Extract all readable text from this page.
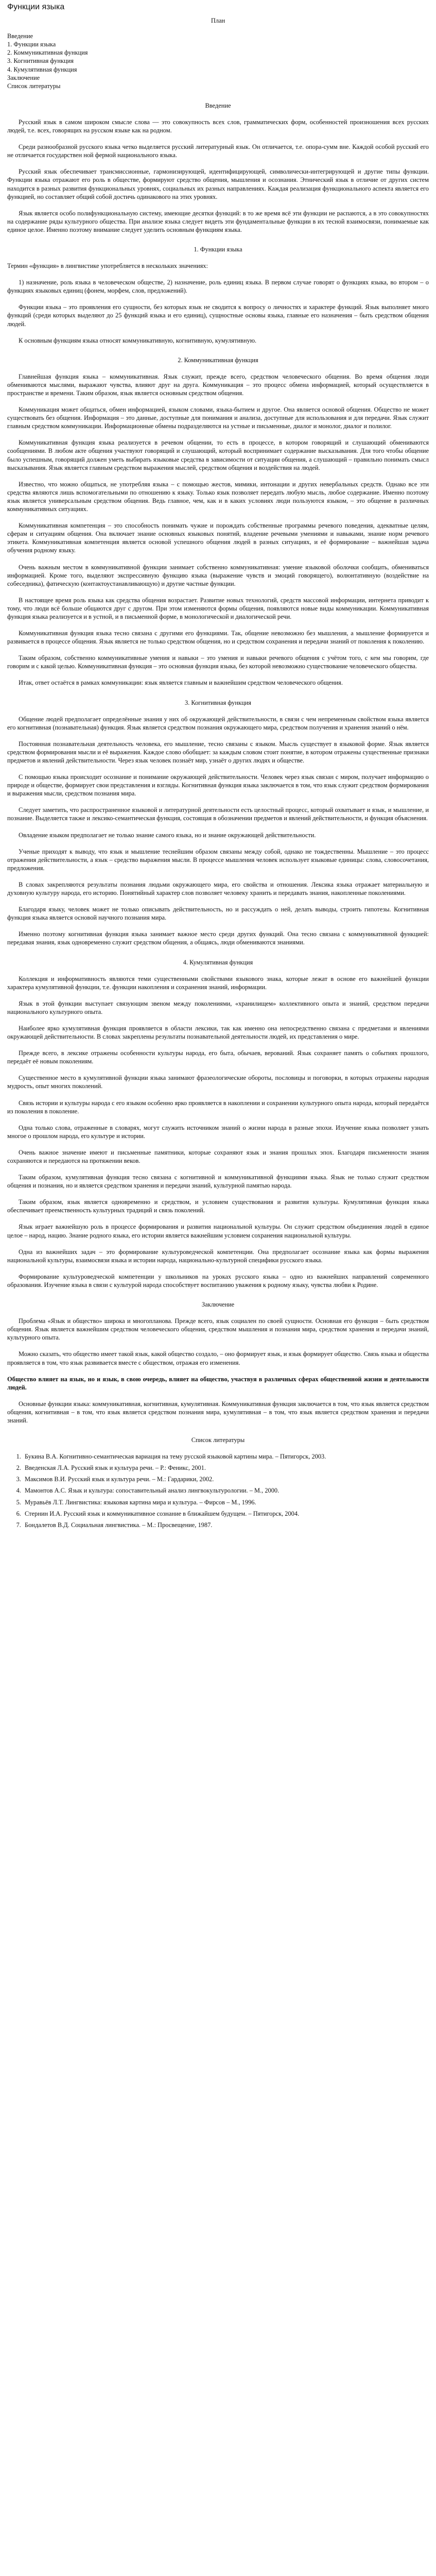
Функции языка
План
Введение
1. Функции языка
2. Коммуникативная функция
3. Когнитивная функция
4. Кумулятивная функция
Заключение
Список литературы
Введение

Русский язык в самом широком смысле слова — это совокупность всех слов, грамматических форм, особенностей произношения всех русских людей, т.е. всех, говорящих на русском языке как на родном.

Среди разнообразной русского языка четко выделяется русский литературный язык. Он отличается, т.е. опора-сумм вне. Каждой особой русский его не отличается государствен ной фермой национального языка.

Русский язык обеспечивает трансмиссионные, гармонизирующей, идентифицирующей, символически-интегрирующей и другие типы функции. Функции языка отражают его роль в обществе, формируют средство общения, мышления и осознания. Этнический язык в отличие от других систем находится в разных развития функциональных уровнях, социальных их разных направлениях. Каждая реализация функционального аспекта является его функцией, но составляет общий собой достичь одинакового на этих уровнях.

Язык является особо полифункциональную систему, имеющие десятки функций: в то же время всё эти функции не распаются, а в это совокупностях на содержание ряды культурного общества. При анализе языка следует видеть эти фундаментальные функции в их тесной взаимосвязи, понимаемые как единое целое. Именно поэтому внимание следует уделить основным функциям языка.

1. Функции языка

Термин «функция» в лингвистике употребляется в нескольких значениях:

1) назначение, роль языка в человеческом обществе, 2) назначение, роль единиц языка. В первом случае говорят о функциях языка, во втором – о функциях языковых единиц (фонем, морфем, слов, предложений).

Функции языка – это проявления его сущности, без которых язык не сводится к вопросу о личностях и характере функций. Язык выполняет много функций (среди которых выделяют до 25 функций языка и его единиц), сущностные основы языка, главные его назначения – быть средством общения людей.

К основным функциям языка относят коммуникативную, когнитивную, кумулятивную.

2. Коммуникативная функция

Главнейшая функция языка – коммуникативная. Язык служит, прежде всего, средством человеческого общения. Во время общения люди обмениваются мыслями, выражают чувства, влияют друг на друга. Коммуникация – это процесс обмена информацией, который осуществляется в пространстве и времени. Таким образом, язык является основным средством общения.

Коммуникация может общаться, обмен информацией, языком словами, языка-бытием и другое. Она является основой общения. Общество не может существовать без общения. Информация – это данные, доступные для понимания и анализа, доступные для использования и для передачи. Язык служит главным средством коммуникации. Информационные обмены подразделяются на устные и письменные, диалог и монолог, диалог и полилог.

Коммуникативная функция языка реализуется в речевом общении, то есть в процессе, в котором говорящий и слушающий обмениваются сообщениями. В любом акте общения участвуют говорящий и слушающий, который воспринимает содержание высказывания. Для того чтобы общение было успешным, говорящий должен уметь выбирать языковые средства в зависимости от ситуации общения, а слушающий – правильно понимать смысл высказывания. Язык является главным средством выражения мыслей, средством общения и воздействия на людей.

Известно, что можно общаться, не употребляя языка – с помощью жестов, мимики, интонации и других невербальных средств. Однако все эти средства являются лишь вспомогательными по отношению к языку. Только язык позволяет передать любую мысль, любое содержание. Именно поэтому язык является универсальным средством общения. Ведь главное, чем, как и в каких условиях люди пользуются языком, – это общение в различных коммуникативных ситуациях.

Коммуникативная компетенция – это способность понимать чужие и порождать собственные программы речевого поведения, адекватные целям, сферам и ситуациям общения. Она включает знание основных языковых понятий, владение речевыми умениями и навыками, знание норм речевого этикета. Коммуникативная компетенция является основой успешного общения людей в разных ситуациях, и её формирование – важнейшая задача обучения родному языку.

Очень важным местом в коммуникативной функции занимает собственно коммуникативная: умение языковой оболочки сообщать, обмениваться информацией. Кроме того, выделяют экспрессивную функцию языка (выражение чувств и эмоций говорящего), волюнтативную (воздействие на собеседника), фатическую (контактоустанавливающую) и другие частные функции.

В настоящее время роль языка как средства общения возрастает. Развитие новых технологий, средств массовой информации, интернета приводит к тому, что люди всё больше общаются друг с другом. При этом изменяются формы общения, появляются новые виды коммуникации. Коммуникативная функция языка реализуется и в устной, и в письменной форме, в монологической и диалогической речи.

Коммуникативная функция языка тесно связана с другими его функциями. Так, общение невозможно без мышления, а мышление формируется и развивается в процессе общения. Язык является не только средством общения, но и средством сохранения и передачи знаний от поколения к поколению.

Таким образом, собственно коммуникативные умения и навыки – это умения и навыки речевого общения с учётом того, с кем мы говорим, где говорим и с какой целью. Коммуникативная функция – это основная функция языка, без которой невозможно существование человеческого общества.

Итак, ответ остаётся в рамках коммуникации: язык является главным и важнейшим средством человеческого общения.

3. Когнитивная функция

Общение людей предполагает определённые знания у них об окружающей действительности, в связи с чем непременным свойством языка является его когнитивная (познавательная) функция. Язык является средством познания окружающего мира, средством получения и хранения знаний о нём.

Постоянная познавательная деятельность человека, его мышление, тесно связаны с языком. Мысль существует в языковой форме. Язык является средством формирования мысли и её выражения. Каждое слово обобщает: за каждым словом стоит понятие, в котором отражены существенные признаки предметов и явлений действительности. Через язык человек познаёт мир, узнаёт о других людях и обществе.

С помощью языка происходит осознание и понимание окружающей действительности. Человек через язык связан с миром, получает информацию о природе и обществе, формирует свои представления и взгляды. Когнитивная функция языка заключается в том, что язык служит средством формирования и выражения мысли, средством познания мира.

Следует заметить, что распространенное языковой и литературной деятельности есть целостный процесс, который охватывает и язык, и мышление, и познание. Выделяется также и лексико-семантическая функция, состоящая в обозначении предметов и явлений действительности, и функция объяснения.

Овладение языком предполагает не только знание самого языка, но и знание окружающей действительности.

Ученые приходят к выводу, что язык и мышление теснейшим образом связаны между собой, однако не тождественны. Мышление – это процесс отражения действительности, а язык – средство выражения мысли. В процессе мышления человек использует языковые единицы: слова, словосочетания, предложения.

В словах закрепляются результаты познания людьми окружающего мира, его свойства и отношения. Лексика языка отражает материальную и духовную культуру народа, его историю. Понятийный характер слов позволяет человеку хранить и передавать знания, накопленные поколениями.

Благодаря языку, человек может не только описывать действительность, но и рассуждать о ней, делать выводы, строить гипотезы. Когнитивная функция языка является основой научного познания мира.

Именно поэтому когнитивная функция языка занимает важное место среди других функций. Она тесно связана с коммуникативной функцией: передавая знания, язык одновременно служит средством общения, а общаясь, люди обмениваются знаниями.

4. Кумулятивная функция

Коллекция и информативность являются теми существенными свойствами языкового знака, которые лежат в основе его важнейшей функции характера кумулятивной функции, т.е. функции накопления и сохранения знаний, информации.

Язык в этой функции выступает связующим звеном между поколениями, «хранилищем» коллективного опыта и знаний, средством передачи национального культурного опыта.

Наиболее ярко кумулятивная функция проявляется в области лексики, так как именно она непосредственно связана с предметами и явлениями окружающей действительности. В словах закреплены результаты познавательной деятельности людей, их представления о мире.

Прежде всего, в лексике отражены особенности культуры народа, его быта, обычаев, верований. Язык сохраняет память о событиях прошлого, передаёт её новым поколениям.

Существенное место в кумулятивной функции языка занимают фразеологические обороты, пословицы и поговорки, в которых отражены народная мудрость, опыт многих поколений.

Связь истории и культуры народа с его языком особенно ярко проявляется в накоплении и сохранении культурного опыта народа, который передаётся из поколения в поколение.

Одна только слова, отраженные в словарях, могут служить источником знаний о жизни народа в разные эпохи. Изучение языка позволяет узнать многое о прошлом народа, его культуре и истории.

Очень важное значение имеют и письменные памятники, которые сохраняют язык и знания прошлых эпох. Благодаря письменности знания сохраняются и передаются на протяжении веков.

Таким образом, кумулятивная функция тесно связана с когнитивной и коммуникативной функциями языка. Язык не только служит средством общения и познания, но и является средством хранения и передачи знаний, культурной памятью народа.

Таким образом, язык является одновременно и средством, и условием существования и развития культуры. Кумулятивная функция языка обеспечивает преемственность культурных традиций и связь поколений.

Язык играет важнейшую роль в процессе формирования и развития национальной культуры. Он служит средством объединения людей в единое целое – народ, нацию. Знание родного языка, его истории является важнейшим условием сохранения национальной культуры.

Одна из важнейших задач – это формирование культуроведческой компетенции. Она предполагает осознание языка как формы выражения национальной культуры, взаимосвязи языка и истории народа, национально-культурной специфики русского языка.

Формирование культуроведческой компетенции у школьников на уроках русского языка – одно из важнейших направлений современного образования. Изучение языка в связи с культурой народа способствует воспитанию уважения к родному языку, чувства любви к Родине.

Заключение

Проблема «Язык и общество» широка и многопланова. Прежде всего, язык социален по своей сущности. Основная его функция – быть средством общения. Язык является важнейшим средством человеческого общения, средством мышления и познания мира, средством хранения и передачи знаний, культурного опыта.

Можно сказать, что общество имеет такой язык, какой общество создало, – оно формирует язык, и язык формирует общество. Связь языка и общества проявляется в том, что язык развивается вместе с обществом, отражая его изменения.

Общество влияет на язык, но и язык, в свою очередь, влияет на общество, участвуя в различных сферах общественной жизни и деятельности людей.

Основные функции языка: коммуникативная, когнитивная, кумулятивная. Коммуникативная функция заключается в том, что язык является средством общения, когнитивная – в том, что язык является средством познания мира, кумулятивная – в том, что язык является средством хранения и передачи знаний.

Список литературы
1. Букина В.А. Когнитивно-семантическая вариация на тему русской языковой картины мира. – Пятигорск, 2003.
2. Введенская Л.А. Русский язык и культура речи. – Р.: Феникс, 2001.
3. Максимов В.И. Русский язык и культура речи. – М.: Гардарики, 2002.
4. Мамонтов А.С. Язык и культура: сопоставительный анализ лингвокультурологии. – М., 2000.
5. Муравьёв Л.Т. Лингвистика: языковая картина мира и культура. – Фирсов – М., 1996.
6. Стернин И.А. Русский язык и коммуникативное сознание в ближайшем будущем. – Пятигорск, 2004.
7. Бондалетов В.Д. Социальная лингвистика. – М.: Просвещение, 1987.
